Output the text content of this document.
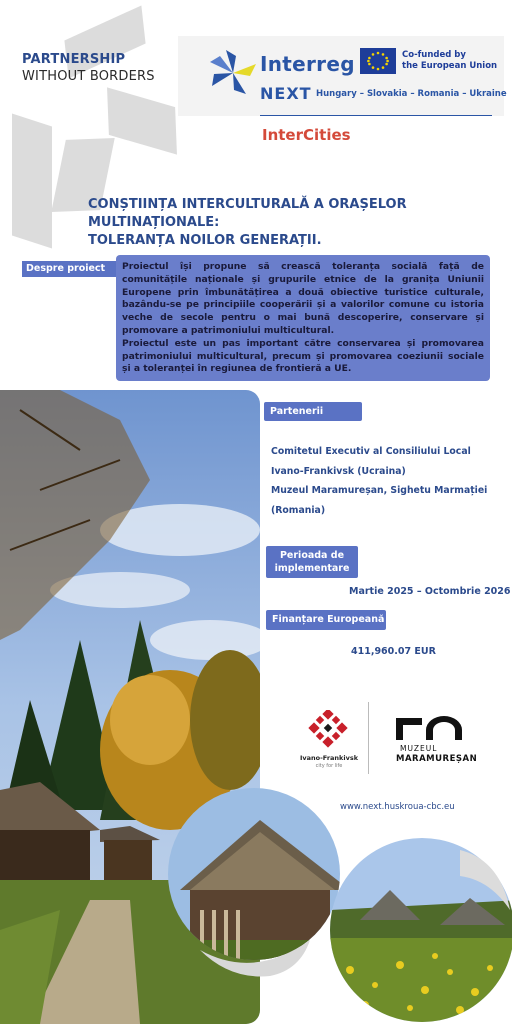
PARTNERSHIP
WITHOUT BORDERS
Interreg	Co-funded by
the European Union
NEXT Hungary – Slovakia – Romania – Ukraine
InterCities
CONȘTIINȚA INTERCULTURALĂ A ORAȘELOR MULTINAȚIONALE:
TOLERANȚA NOILOR GENERAȚII.
Despre proiect	Proiectul își propune să crească toleranța socială față de comunitățile naționale și grupurile etnice de la granița Uniunii Europene prin îmbunătățirea a două obiective turistice culturale, bazându-se pe principiile cooperării și a valorilor comune cu istoria veche de secole pentru o mai bună descoperire, conservare și promovare a patrimoniului multicultural.
Proiectul este un pas important către conservarea și promovarea patrimoniului multicultural, precum și promovarea coeziunii sociale și a toleranței în regiunea de frontieră a UE.
Partenerii
Comitetul Executiv al Consiliului Local Ivano-Frankivsk (Ucraina)
Muzeul Maramureșan, Sighetu Marmației (Romania)
Perioada de implementare
Martie 2025 – Octombrie 2026
Finanțare Europeană
411,960.07 EUR
Ivano-Frankivsk
city for life
MUZEUL
MARAMUREȘAN
www.next.huskroua-cbc.eu
